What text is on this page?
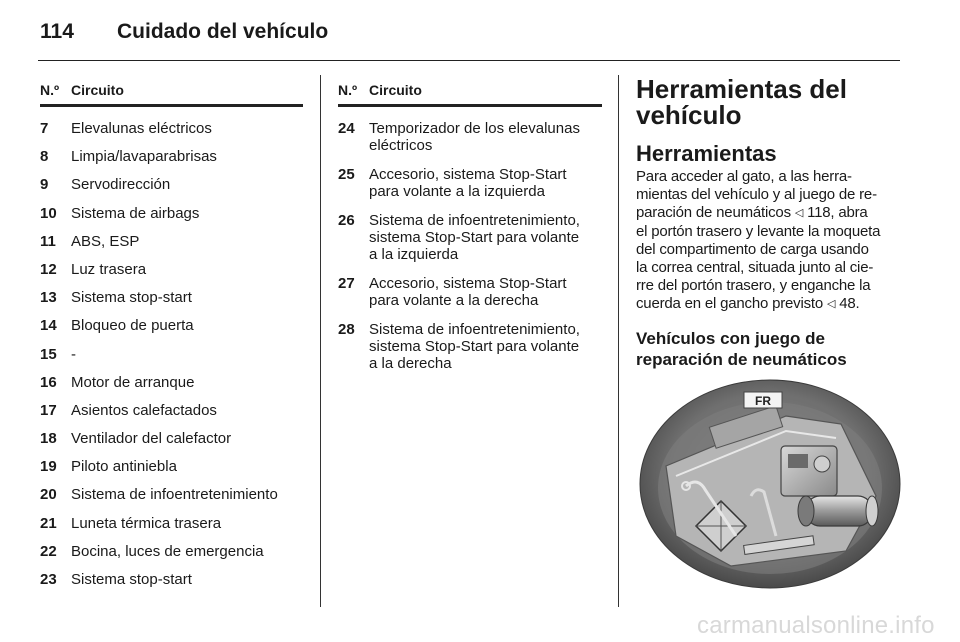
114 Cuidado del vehículo
N.º Circuito
7	Elevalunas eléctricos
8	Limpia/lavaparabrisas
9	Servodirección
10 Sistema de airbags
11	ABS, ESP
12 Luz trasera
13 Sistema stop-start
14 Bloqueo de puerta
15 -
16 Motor de arranque
17 Asientos calefactados
18 Ventilador del calefactor
19 Piloto antiniebla
20 Sistema de infoentretenimiento
21 Luneta térmica trasera
22 Bocina, luces de emergencia
23 Sistema stop-start
N.º Circuito
24 Temporizador de los elevalunas
eléctricos
25 Accesorio, sistema Stop-Start
para volante a la izquierda
26 Sistema de infoentretenimiento,
sistema Stop-Start para volante
a la izquierda
27 Accesorio, sistema Stop-Start
para volante a la derecha
28 Sistema de infoentretenimiento,
sistema Stop-Start para volante
a la derecha
Herramientas del
vehículo
Herramientas

Para acceder al gato, a las herra-
mientas del vehículo y al juego de re-
paración de neumáticos ◁ 118, abra
el portón trasero y levante la moqueta
del compartimento de carga usando
la correa central, situada junto al cie-
rre del portón trasero, y enganche la
cuerda en el gancho previsto ◁ 48.

Vehículos con juego de
reparación de neumáticos
FR
carmanualsonline.info
